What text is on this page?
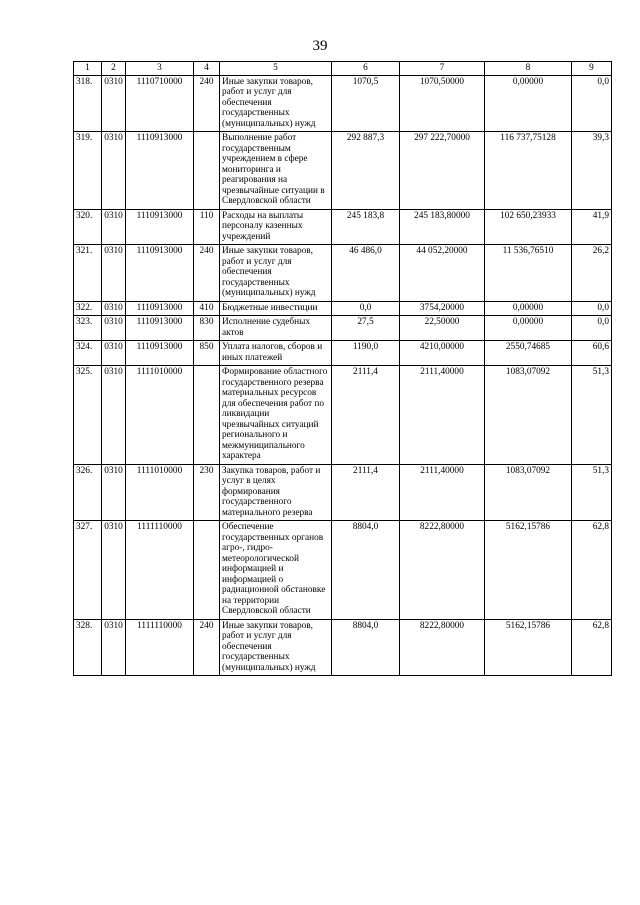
39
1	2	3	4	5	6	7	8	9
318.	0310	1110710000	240	Иные закупки товаров, работ и услуг для обеспечения государственных (муниципальных) нужд	1070,5	1070,50000	0,00000	0,0
319.	0310	1110913000		Выполнение работ государственным учреждением в сфере мониторинга и реагирования на чрезвычайные ситуации в Свердловской области	292 887,3	297 222,70000	116 737,75128	39,3
320.	0310	1110913000	110	Расходы на выплаты персоналу казенных учреждений	245 183,8	245 183,80000	102 650,23933	41,9
321.	0310	1110913000	240	Иные закупки товаров, работ и услуг для обеспечения государственных (муниципальных) нужд	46 486,0	44 052,20000	11 536,76510	26,2
322.	0310	1110913000	410	Бюджетные инвестиции	0,0	3754,20000	0,00000	0,0
323.	0310	1110913000	830	Исполнение судебных актов	27,5	22,50000	0,00000	0,0
324.	0310	1110913000	850	Уплата налогов, сборов и иных платежей	1190,0	4210,00000	2550,74685	60,6
325.	0310	1111010000		Формирование областного государственного резерва материальных ресурсов для обеспечения работ по ликвидации чрезвычайных ситуаций регионального и межмуниципального характера	2111,4	2111,40000	1083,07092	51,3
326.	0310	1111010000	230	Закупка товаров, работ и услуг в целях формирования государственного материального резерва	2111,4	2111,40000	1083,07092	51,3
327.	0310	1111110000		Обеспечение государственных органов агро-, гидро-метеорологической информацией и информацией о радиационной обстановке на территории Свердловской области	8804,0	8222,80000	5162,15786	62,8
328.	0310	1111110000	240	Иные закупки товаров, работ и услуг для обеспечения государственных (муниципальных) нужд	8804,0	8222,80000	5162,15786	62,8
